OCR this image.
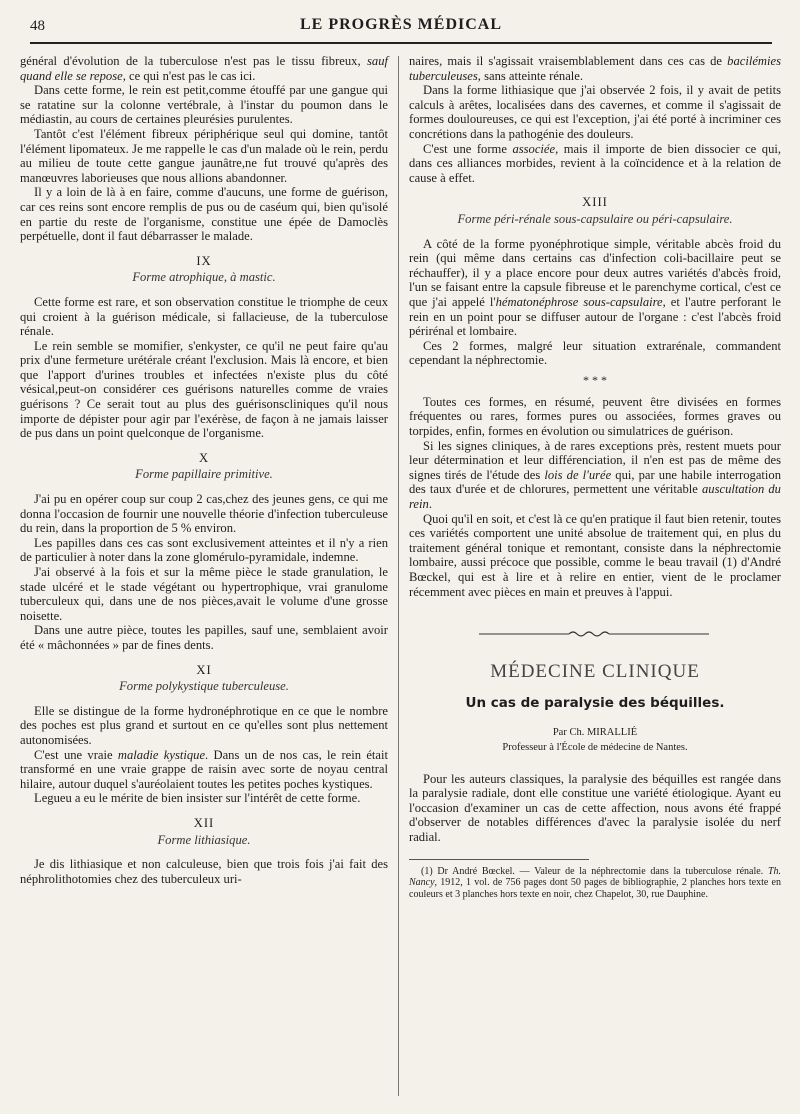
48	LE PROGRÈS MÉDICAL

général d'évolution de la tuberculose n'est pas le tissu fibreux, sauf quand elle se repose, ce qui n'est pas le cas ici.

Dans cette forme, le rein est petit,comme étouffé par une gangue qui se ratatine sur la colonne vertébrale, à l'instar du poumon dans le médiastin, au cours de certaines pleurésies purulentes.

Tantôt c'est l'élément fibreux périphérique seul qui domine, tantôt l'élément lipomateux. Je me rappelle le cas d'un malade où le rein, perdu au milieu de toute cette gangue jaunâtre,ne fut trouvé qu'après des manœuvres laborieuses que nous allions abandonner.

Il y a loin de là à en faire, comme d'aucuns, une forme de guérison, car ces reins sont encore remplis de pus ou de caséum qui, bien qu'isolé en partie du reste de l'organisme, constitue une épée de Damoclès perpétuelle, dont il faut débarrasser le malade.

IX
Forme atrophique, à mastic.

Cette forme est rare, et son observation constitue le triomphe de ceux qui croient à la guérison médicale, si fallacieuse, de la tuberculose rénale.

Le rein semble se momifier, s'enkyster, ce qu'il ne peut faire qu'au prix d'une fermeture urétérale créant l'exclusion. Mais là encore, et bien que l'apport d'urines troubles et infectées n'existe plus du côté vésical,peut-on considérer ces guérisons naturelles comme de vraies guérisons ? Ce serait tout au plus des guérisonscliniques qu'il nous importe de dépister pour agir par l'exérèse, de façon à ne jamais laisser de pus dans un point quelconque de l'organisme.

X
Forme papillaire primitive.

J'ai pu en opérer coup sur coup 2 cas,chez des jeunes gens, ce qui me donna l'occasion de fournir une nouvelle théorie d'infection tuberculeuse du rein, dans la proportion de 5 % environ.

Les papilles dans ces cas sont exclusivement atteintes et il n'y a rien de particulier à noter dans la zone glomérulo-pyramidale, indemne.

J'ai observé à la fois et sur la même pièce le stade granulation, le stade ulcéré et le stade végétant ou hypertrophique, vrai granulome tuberculeux qui, dans une de nos pièces,avait le volume d'une grosse noisette.

Dans une autre pièce, toutes les papilles, sauf une, semblaient avoir été « mâchonnées » par de fines dents.

XI
Forme polykystique tuberculeuse.

Elle se distingue de la forme hydronéphrotique en ce que le nombre des poches est plus grand et surtout en ce qu'elles sont plus nettement autonomisées.

C'est une vraie maladie kystique. Dans un de nos cas, le rein était transformé en une vraie grappe de raisin avec sorte de noyau central hilaire, autour duquel s'auréolaient toutes les petites poches kystiques.

Legueu a eu le mérite de bien insister sur l'intérêt de cette forme.

XII
Forme lithiasique.

Je dis lithiasique et non calculeuse, bien que trois fois j'ai fait des néphrolithotomies chez des tuberculeux uri-

naires, mais il s'agissait vraisemblablement dans ces cas de bacilémies tuberculeuses, sans atteinte rénale.

Dans la forme lithiasique que j'ai observée 2 fois, il y avait de petits calculs à arêtes, localisées dans des cavernes, et comme il s'agissait de formes douloureuses, ce qui est l'exception, j'ai été porté à incriminer ces concrétions dans la pathogénie des douleurs.

C'est une forme associée, mais il importe de bien dissocier ce qui, dans ces alliances morbides, revient à la coïncidence et à la relation de cause à effet.

XIII
Forme péri-rénale sous-capsulaire ou péri-capsulaire.

A côté de la forme pyonéphrotique simple, véritable abcès froid du rein (qui même dans certains cas d'infection coli-bacillaire peut se réchauffer), il y a place encore pour deux autres variétés d'abcès froid, l'un se faisant entre la capsule fibreuse et le parenchyme cortical, c'est ce que j'ai appelé l'hématonéphrose sous-capsulaire, et l'autre perforant le rein en un point pour se diffuser autour de l'organe : c'est l'abcès froid périrénal et lombaire.

Ces 2 formes, malgré leur situation extrarénale, commandent cependant la néphrectomie.

* * *

Toutes ces formes, en résumé, peuvent être divisées en formes fréquentes ou rares, formes pures ou associées, formes graves ou torpides, enfin, formes en évolution ou simulatrices de guérison.

Si les signes cliniques, à de rares exceptions près, restent muets pour leur détermination et leur différenciation, il n'en est pas de même des signes tirés de l'étude des lois de l'urée qui, par une habile interrogation des taux d'urée et de chlorures, permettent une véritable auscultation du rein.

Quoi qu'il en soit, et c'est là ce qu'en pratique il faut bien retenir, toutes ces variétés comportent une unité absolue de traitement qui, en plus du traitement général tonique et remontant, consiste dans la néphrectomie lombaire, aussi précoce que possible, comme le beau travail (1) d'André Bœckel, qui est à lire et à relire en entier, vient de le proclamer récemment avec pièces en main et preuves à l'appui.

MÉDECINE CLINIQUE
Un cas de paralysie des béquilles.
Par Ch. MIRALLIÉ
Professeur à l'École de médecine de Nantes.

Pour les auteurs classiques, la paralysie des béquilles est rangée dans la paralysie radiale, dont elle constitue une variété étiologique. Ayant eu l'occasion d'examiner un cas de cette affection, nous avons été frappé d'observer de notables différences d'avec la paralysie isolée du nerf radial.

(1) Dr André Bœckel. — Valeur de la néphrectomie dans la tuberculose rénale. Th. Nancy, 1912, 1 vol. de 756 pages dont 50 pages de bibliographie, 2 planches hors texte en couleurs et 3 planches hors texte en noir, chez Chapelot, 30, rue Dauphine.
